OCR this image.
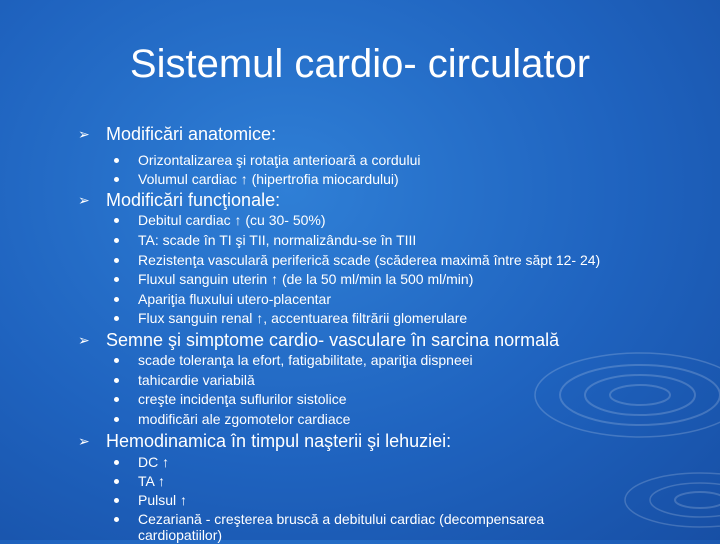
Sistemul cardio- circulator
➢ Modificări anatomice:
Orizontalizarea şi rotaţia anterioară a cordului
Volumul cardiac ↑ (hipertrofia miocardului)
➢ Modificări funcţionale:
Debitul cardiac ↑ (cu 30- 50%)
TA: scade în TI şi TII, normalizându-se în TIII
Rezistenţa vasculară periferică scade (scăderea maximă între săpt 12- 24)
Fluxul sanguin uterin ↑ (de la 50 ml/min la 500 ml/min)
Apariţia fluxului utero-placentar
Flux sanguin renal ↑, accentuarea filtrării glomerulare
➢ Semne şi simptome cardio- vasculare în sarcina normală
scade toleranţa la efort, fatigabilitate, apariţia dispneei
tahicardie variabilă
creşte incidenţa suflurilor sistolice
modificări ale zgomotelor cardiace
➢ Hemodinamica în timpul naşterii şi lehuziei:
DC ↑
TA ↑
Pulsul ↑
Cezariană - creşterea bruscă a debitului cardiac (decompensarea
cardiopatiilor)
